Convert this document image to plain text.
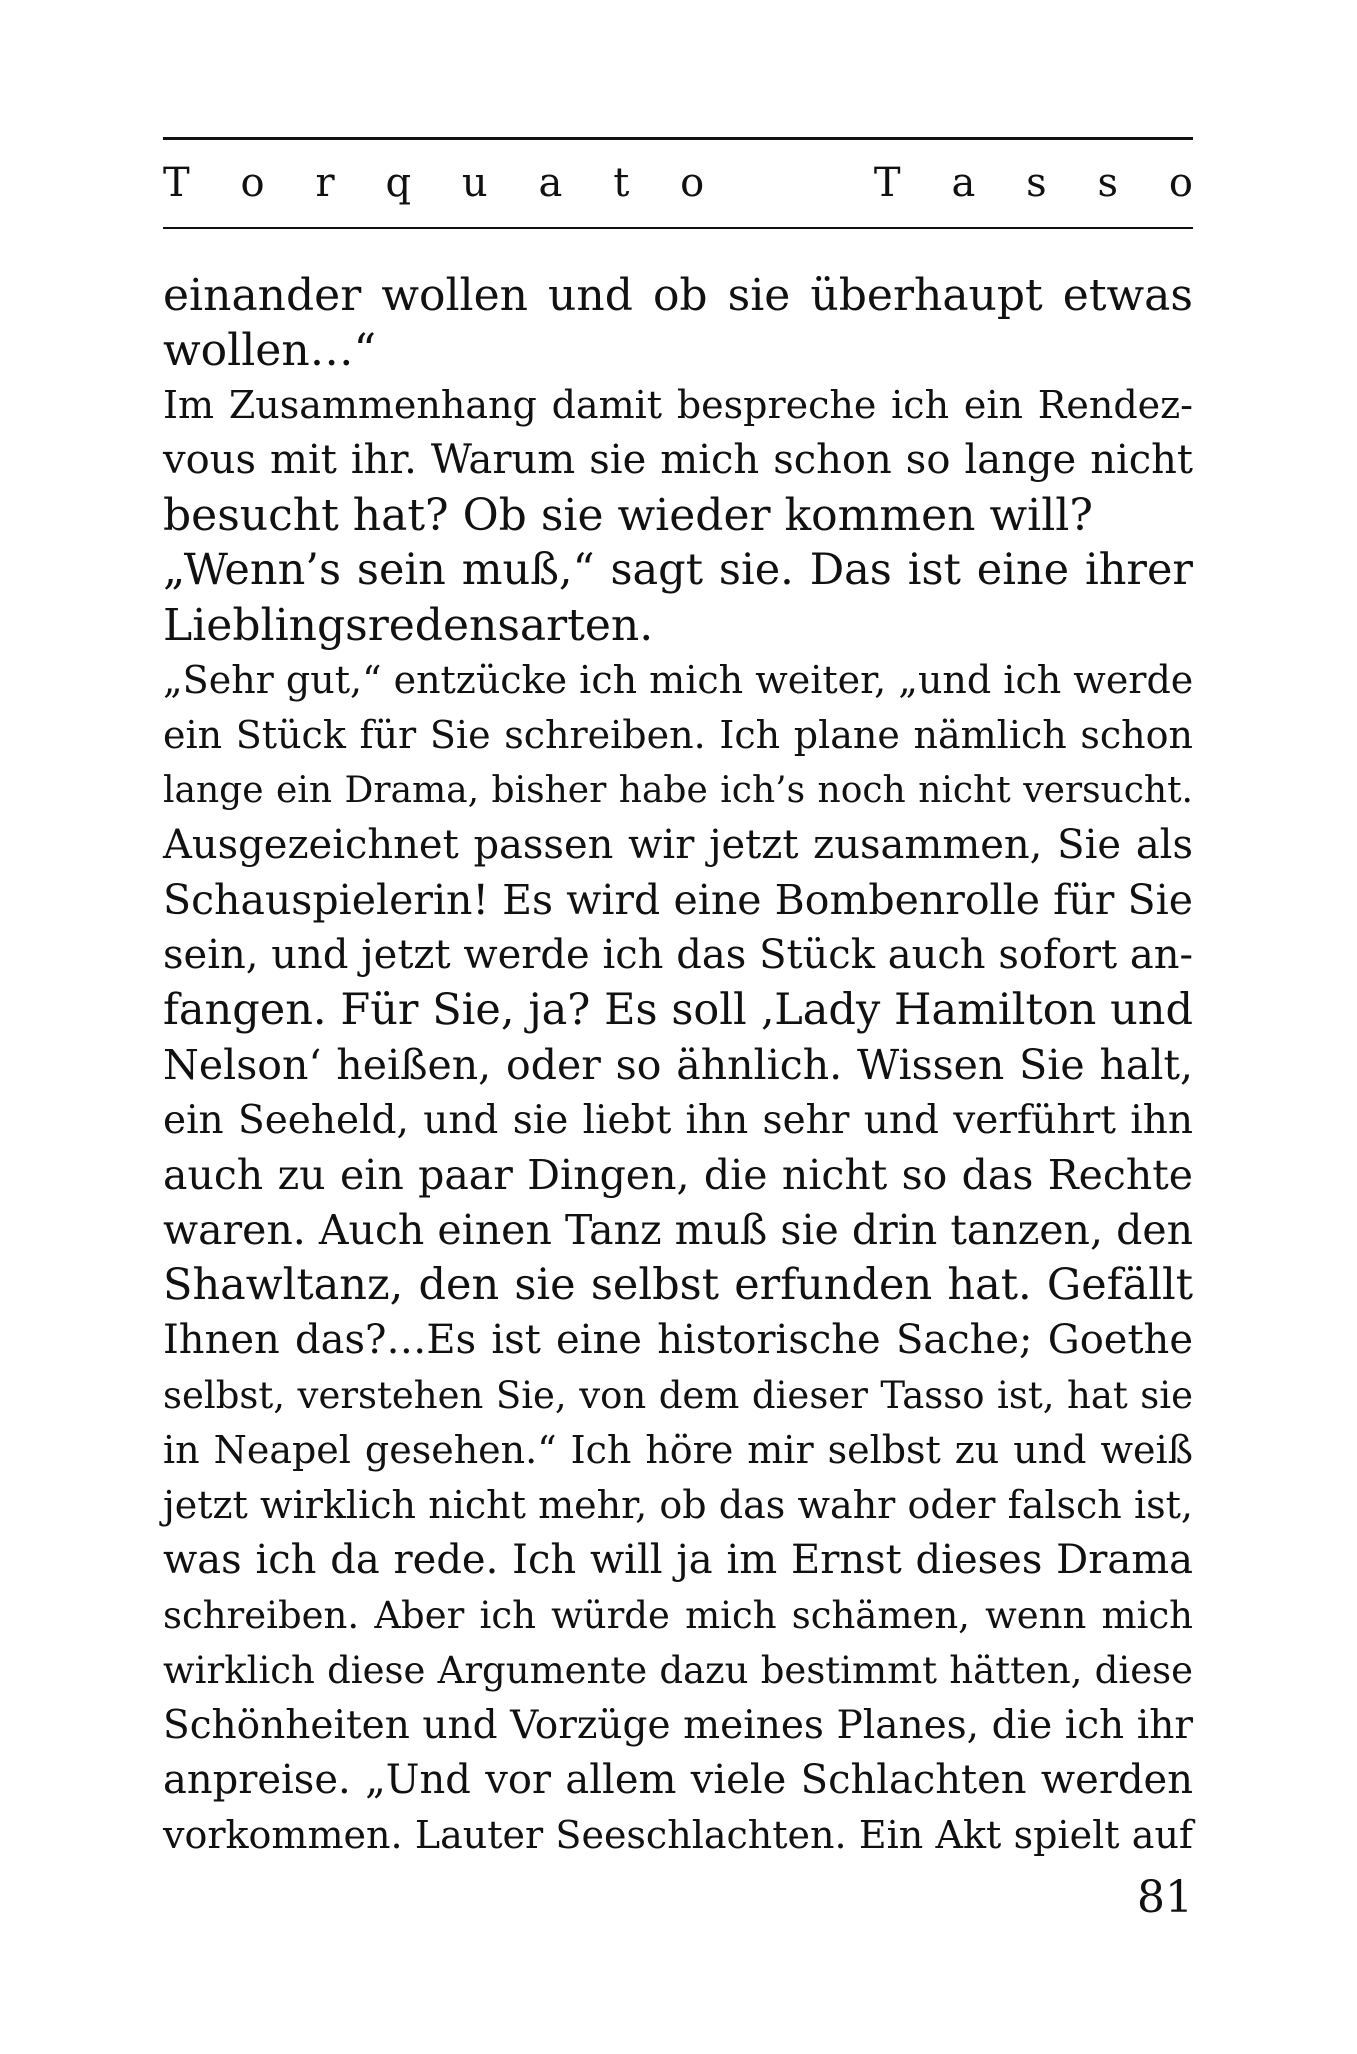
T o r q u a t o	T a s s o
einander wollen und ob sie überhaupt etwas
wollen…“
Im Zusammenhang damit bespreche ich ein Rendez-
vous mit ihr. Warum sie mich schon so lange nicht
besucht hat? Ob sie wieder kommen will?
„Wenn’s sein muß,“ sagt sie. Das ist eine ihrer
Lieblingsredensarten.
„Sehr gut,“ entzücke ich mich weiter, „und ich werde
ein Stück für Sie schreiben. Ich plane nämlich schon
lange ein Drama, bisher habe ich’s noch nicht versucht.
Ausgezeichnet passen wir jetzt zusammen, Sie als
Schauspielerin! Es wird eine Bombenrolle für Sie
sein, und jetzt werde ich das Stück auch sofort an-
fangen. Für Sie, ja? Es soll ‚Lady Hamilton und
Nelson‘ heißen, oder so ähnlich. Wissen Sie halt,
ein Seeheld, und sie liebt ihn sehr und verführt ihn
auch zu ein paar Dingen, die nicht so das Rechte
waren. Auch einen Tanz muß sie drin tanzen, den
Shawltanz, den sie selbst erfunden hat. Gefällt
Ihnen das?…Es ist eine historische Sache; Goethe
selbst, verstehen Sie, von dem dieser Tasso ist, hat sie
in Neapel gesehen.“ Ich höre mir selbst zu und weiß
jetzt wirklich nicht mehr, ob das wahr oder falsch ist,
was ich da rede. Ich will ja im Ernst dieses Drama
schreiben. Aber ich würde mich schämen, wenn mich
wirklich diese Argumente dazu bestimmt hätten, diese
Schönheiten und Vorzüge meines Planes, die ich ihr
anpreise. „Und vor allem viele Schlachten werden
vorkommen. Lauter Seeschlachten. Ein Akt spielt auf
81
